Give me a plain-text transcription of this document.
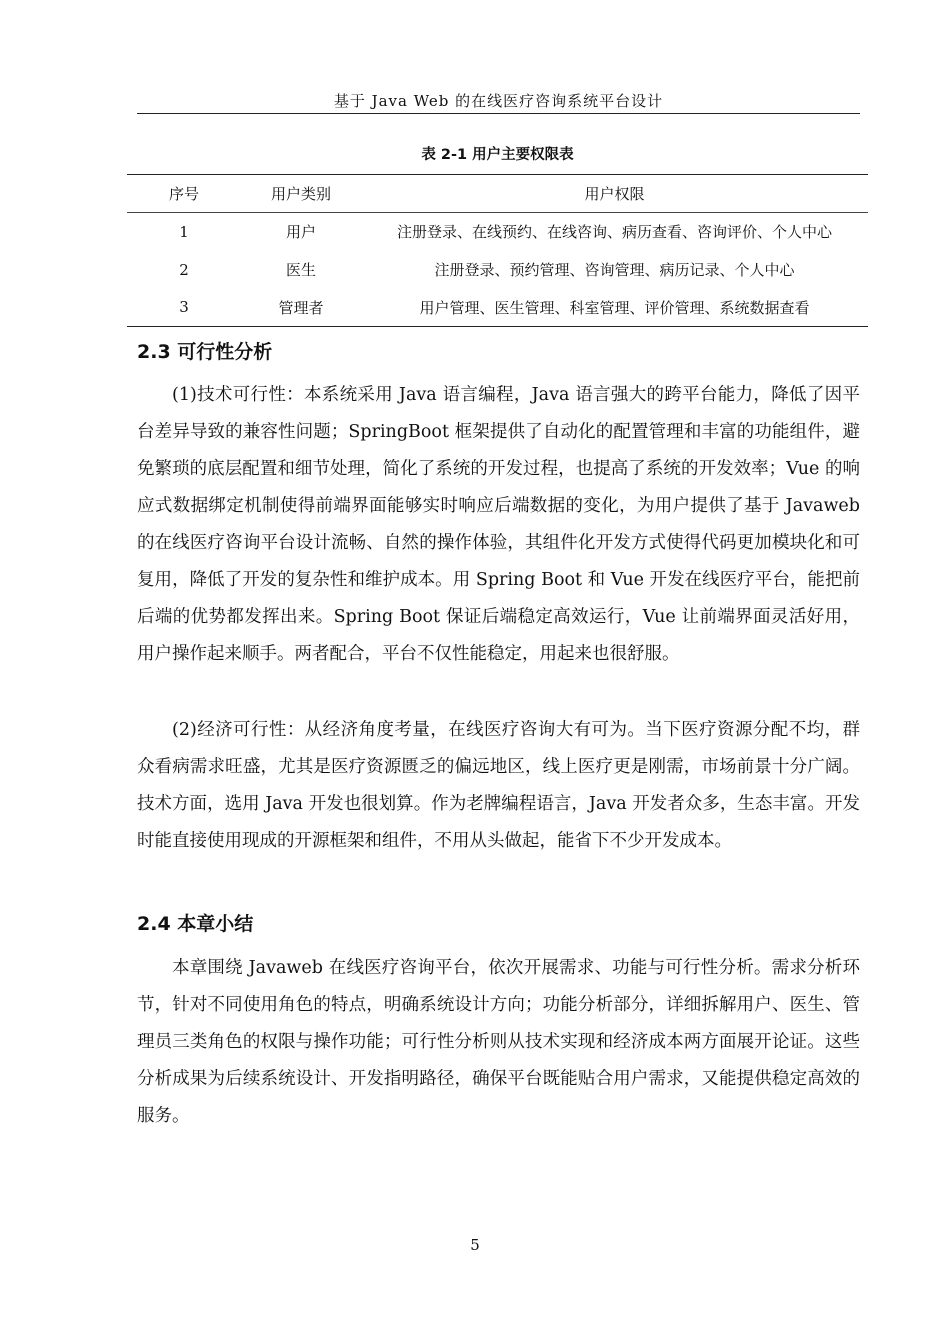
基于 Java Web 的在线医疗咨询系统平台设计
表 2-1 用户主要权限表
序号	用户类别	用户权限
1	用户	注册登录、在线预约、在线咨询、病历查看、咨询评价、个人中心
2	医生	注册登录、预约管理、咨询管理、病历记录、个人中心
3	管理者	用户管理、医生管理、科室管理、评价管理、系统数据查看
2.3 可行性分析

(1)技术可行性：本系统采用 Java 语言编程，Java 语言强大的跨平台能力，降低了因平台差异导致的兼容性问题；SpringBoot 框架提供了自动化的配置管理和丰富的功能组件，避免繁琐的底层配置和细节处理，简化了系统的开发过程，也提高了系统的开发效率；Vue 的响应式数据绑定机制使得前端界面能够实时响应后端数据的变化，为用户提供了基于 Javaweb 的在线医疗咨询平台设计流畅、自然的操作体验，其组件化开发方式使得代码更加模块化和可复用，降低了开发的复杂性和维护成本。用 Spring Boot 和 Vue 开发在线医疗平台，能把前后端的优势都发挥出来。Spring Boot 保证后端稳定高效运行，Vue 让前端界面灵活好用，用户操作起来顺手。两者配合，平台不仅性能稳定，用起来也很舒服。

(2)经济可行性：从经济角度考量，在线医疗咨询大有可为。当下医疗资源分配不均，群众看病需求旺盛，尤其是医疗资源匮乏的偏远地区，线上医疗更是刚需，市场前景十分广阔。技术方面，选用 Java 开发也很划算。作为老牌编程语言，Java 开发者众多，生态丰富。开发时能直接使用现成的开源框架和组件，不用从头做起，能省下不少开发成本。

2.4 本章小结

本章围绕 Javaweb 在线医疗咨询平台，依次开展需求、功能与可行性分析。需求分析环节，针对不同使用角色的特点，明确系统设计方向；功能分析部分，详细拆解用户、医生、管理员三类角色的权限与操作功能；可行性分析则从技术实现和经济成本两方面展开论证。这些分析成果为后续系统设计、开发指明路径，确保平台既能贴合用户需求，又能提供稳定高效的服务。

5
